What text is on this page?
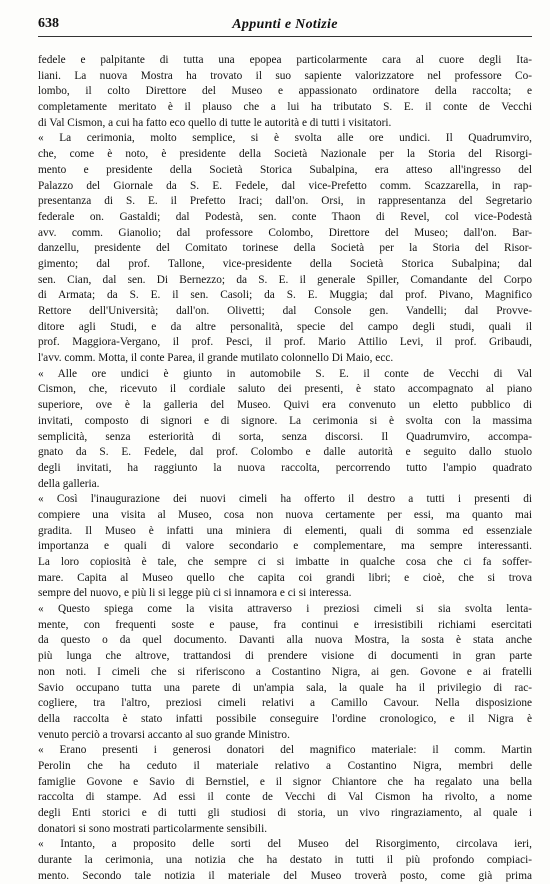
638	Appunti e Notizie
fedele e palpitante di tutta una epopea particolarmente cara al cuore degli Ita-
liani. La nuova Mostra ha trovato il suo sapiente valorizzatore nel professore Co-
lombo, il colto Direttore del Museo e appassionato ordinatore della raccolta; e
completamente meritato è il plauso che a lui ha tributato S. E. il conte de Vecchi
di Val Cismon, a cui ha fatto eco quello di tutte le autorità e di tutti i visitatori.
« La cerimonia, molto semplice, si è svolta alle ore undici. Il Quadrumviro,
che, come è noto, è presidente della Società Nazionale per la Storia del Risorgi-
mento e presidente della Società Storica Subalpina, era atteso all'ingresso del
Palazzo del Giornale da S. E. Fedele, dal vice-Prefetto comm. Scazzarella, in rap-
presentanza di S. E. il Prefetto Iraci; dall'on. Orsi, in rappresentanza del Segretario
federale on. Gastaldi; dal Podestà, sen. conte Thaon di Revel, col vice-Podestà
avv. comm. Gianolio; dal professore Colombo, Direttore del Museo; dall'on. Bar-
danzellu, presidente del Comitato torinese della Società per la Storia del Risor-
gimento; dal prof. Tallone, vice-presidente della Società Storica Subalpina; dal
sen. Cian, dal sen. Di Bernezzo; da S. E. il generale Spiller, Comandante del Corpo
di Armata; da S. E. il sen. Casoli; da S. E. Muggia; dal prof. Pivano, Magnifico
Rettore dell'Università; dall'on. Olivetti; dal Console gen. Vandelli; dal Provve-
ditore agli Studi, e da altre personalità, specie del campo degli studi, quali il
prof. Maggiora-Vergano, il prof. Pesci, il prof. Mario Attilio Levi, il prof. Gribaudi,
l'avv. comm. Motta, il conte Parea, il grande mutilato colonnello Di Maio, ecc.
« Alle ore undici è giunto in automobile S. E. il conte de Vecchi di Val
Cismon, che, ricevuto il cordiale saluto dei presenti, è stato accompagnato al piano
superiore, ove è la galleria del Museo. Quivi era convenuto un eletto pubblico di
invitati, composto di signori e di signore. La cerimonia si è svolta con la massima
semplicità, senza esteriorità di sorta, senza discorsi. Il Quadrumviro, accompa-
gnato da S. E. Fedele, dal prof. Colombo e dalle autorità e seguito dallo stuolo
degli invitati, ha raggiunto la nuova raccolta, percorrendo tutto l'ampio quadrato
della galleria.
« Così l'inaugurazione dei nuovi cimeli ha offerto il destro a tutti i presenti di
compiere una visita al Museo, cosa non nuova certamente per essi, ma quanto mai
gradita. Il Museo è infatti una miniera di elementi, quali di somma ed essenziale
importanza e quali di valore secondario e complementare, ma sempre interessanti.
La loro copiosità è tale, che sempre ci si imbatte in qualche cosa che ci fa soffer-
mare. Capita al Museo quello che capita coi grandi libri; e cioè, che si trova
sempre del nuovo, e più li si legge più ci si innamora e ci si interessa.
« Questo spiega come la visita attraverso i preziosi cimeli si sia svolta lenta-
mente, con frequenti soste e pause, fra continui e irresistibili richiami esercitati
da questo o da quel documento. Davanti alla nuova Mostra, la sosta è stata anche
più lunga che altrove, trattandosi di prendere visione di documenti in gran parte
non noti. I cimeli che si riferiscono a Costantino Nigra, ai gen. Govone e ai fratelli
Savio occupano tutta una parete di un'ampia sala, la quale ha il privilegio di rac-
cogliere, tra l'altro, preziosi cimeli relativi a Camillo Cavour. Nella disposizione
della raccolta è stato infatti possibile conseguire l'ordine cronologico, e il Nigra è
venuto perciò a trovarsi accanto al suo grande Ministro.
« Erano presenti i generosi donatori del magnifico materiale: il comm. Martin
Perolin che ha ceduto il materiale relativo a Costantino Nigra, membri delle
famiglie Govone e Savio di Bernstiel, e il signor Chiantore che ha regalato una bella
raccolta di stampe. Ad essi il conte de Vecchi di Val Cismon ha rivolto, a nome
degli Enti storici e di tutti gli studiosi di storia, un vivo ringraziamento, al quale i
donatori si sono mostrati particolarmente sensibili.
« Intanto, a proposito delle sorti del Museo del Risorgimento, circolava ieri,
durante la cerimonia, una notizia che ha destato in tutti il più profondo compiaci-
mento. Secondo tale notizia il materiale del Museo troverà posto, come già prima
